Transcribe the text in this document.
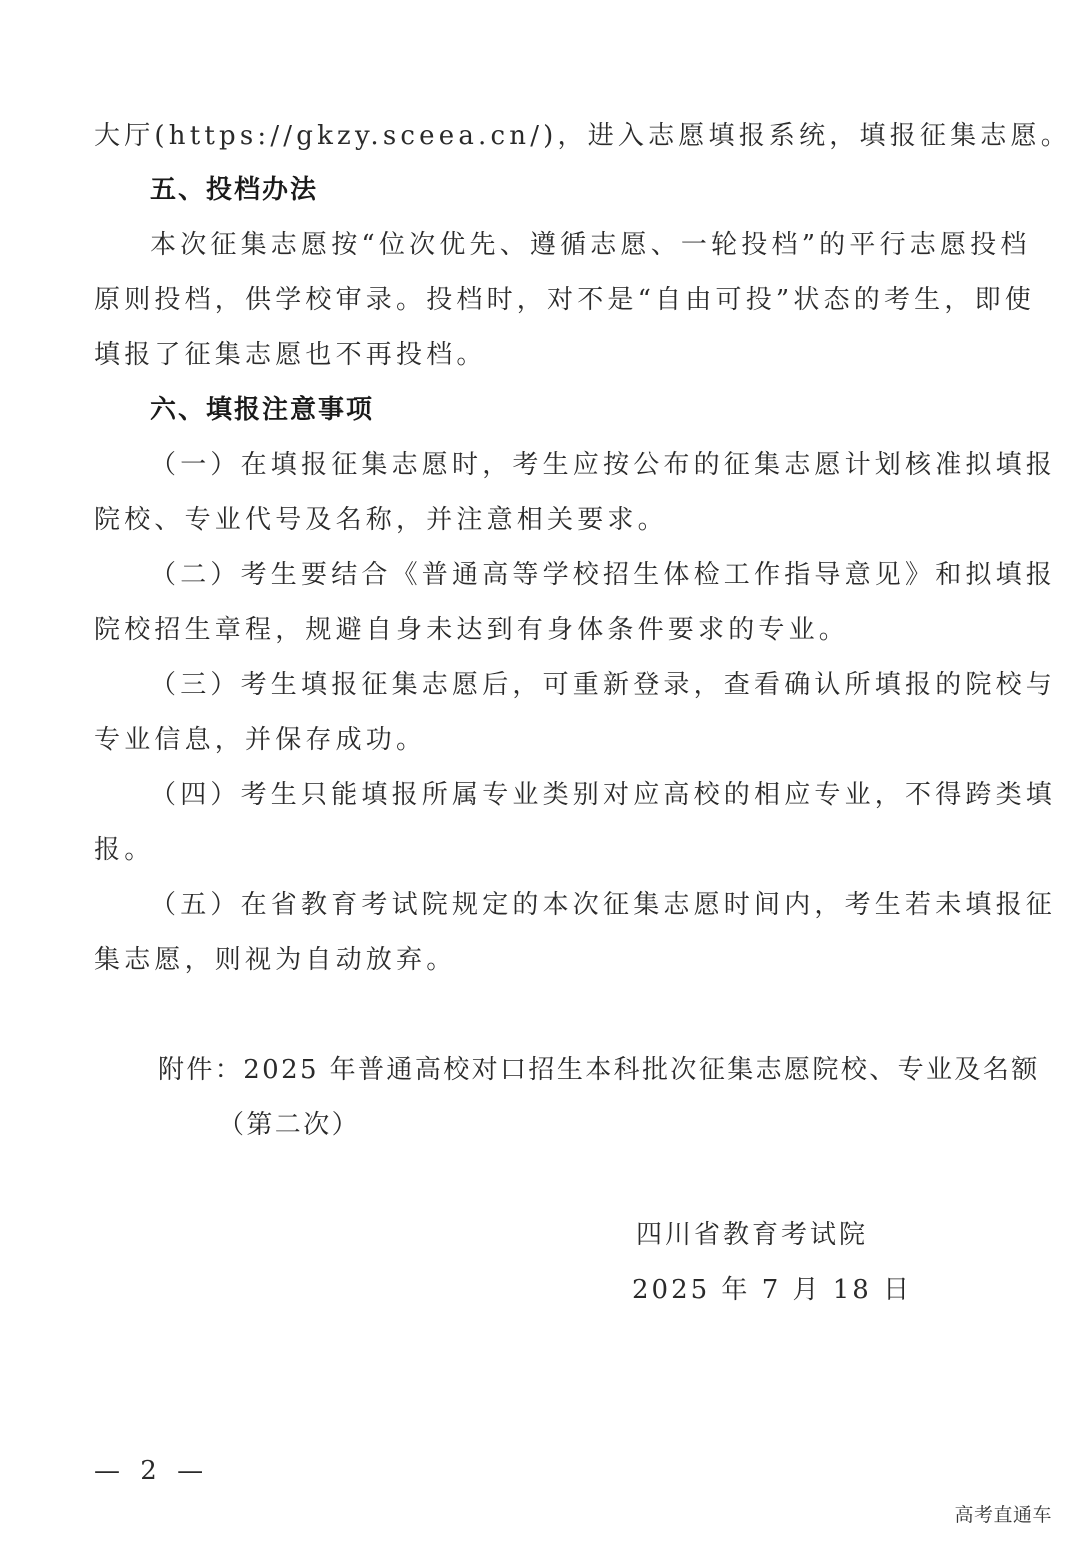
大厅(https://gkzy.sceea.cn/)，进入志愿填报系统，填报征集志愿。
五、投档办法
本次征集志愿按“位次优先、遵循志愿、一轮投档”的平行志愿投档
原则投档，供学校审录。投档时，对不是“自由可投”状态的考生，即使
填报了征集志愿也不再投档。
六、填报注意事项
（一）在填报征集志愿时，考生应按公布的征集志愿计划核准拟填报
院校、专业代号及名称，并注意相关要求。
（二）考生要结合《普通高等学校招生体检工作指导意见》和拟填报
院校招生章程，规避自身未达到有身体条件要求的专业。
（三）考生填报征集志愿后，可重新登录，查看确认所填报的院校与
专业信息，并保存成功。
（四）考生只能填报所属专业类别对应高校的相应专业，不得跨类填
报。
（五）在省教育考试院规定的本次征集志愿时间内，考生若未填报征
集志愿，则视为自动放弃。
附件：2025 年普通高校对口招生本科批次征集志愿院校、专业及名额
（第二次）
四川省教育考试院
2025 年 7 月 18 日
— 2 —
高考直通车
